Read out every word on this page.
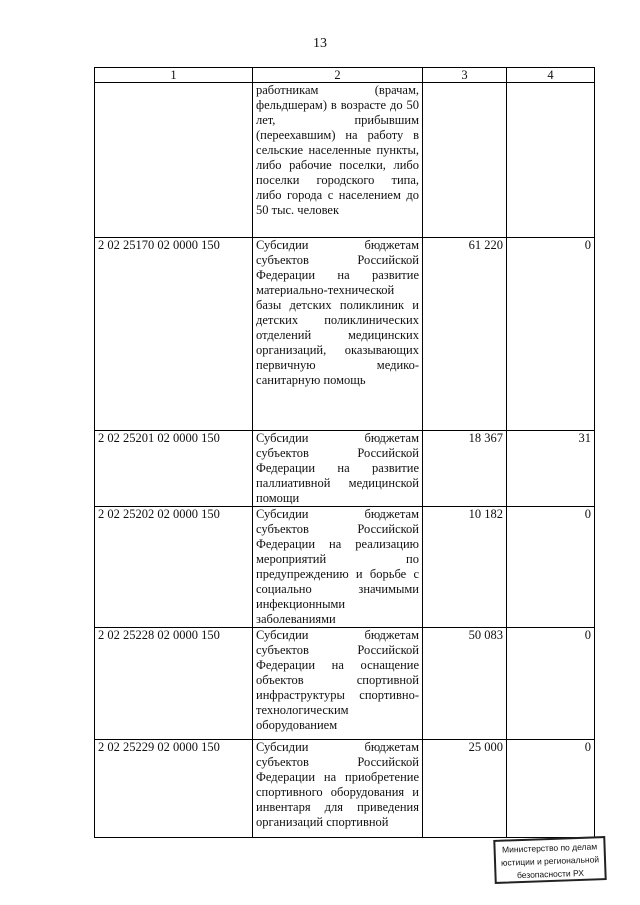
13
1	2	3	4
	работникам (врачам, фельдшерам) в возрасте до 50 лет, прибывшим (переехавшим) на работу в сельские населенные пункты, либо рабочие поселки, либо поселки городского типа, либо города с населением до 50 тыс. человек		
2 02 25170 02 0000 150	Субсидии бюджетам субъектов Российской Федерации на развитие материально-технической базы детских поликлиник и детских поликлинических отделений медицинских организаций, оказывающих первичную медико-санитарную помощь	61 220	0
2 02 25201 02 0000 150	Субсидии бюджетам субъектов Российской Федерации на развитие паллиативной медицинской помощи	18 367	31
2 02 25202 02 0000 150	Субсидии бюджетам субъектов Российской Федерации на реализацию мероприятий по предупреждению и борьбе с социально значимыми инфекционными заболеваниями	10 182	0
2 02 25228 02 0000 150	Субсидии бюджетам субъектов Российской Федерации на оснащение объектов спортивной инфраструктуры спортивно-технологическим оборудованием	50 083	0
2 02 25229 02 0000 150	Субсидии бюджетам субъектов Российской Федерации на приобретение спортивного оборудования и инвентаря для приведения организаций спортивной	25 000	0
Министерство по делам
юстиции и региональной
безопасности РХ
